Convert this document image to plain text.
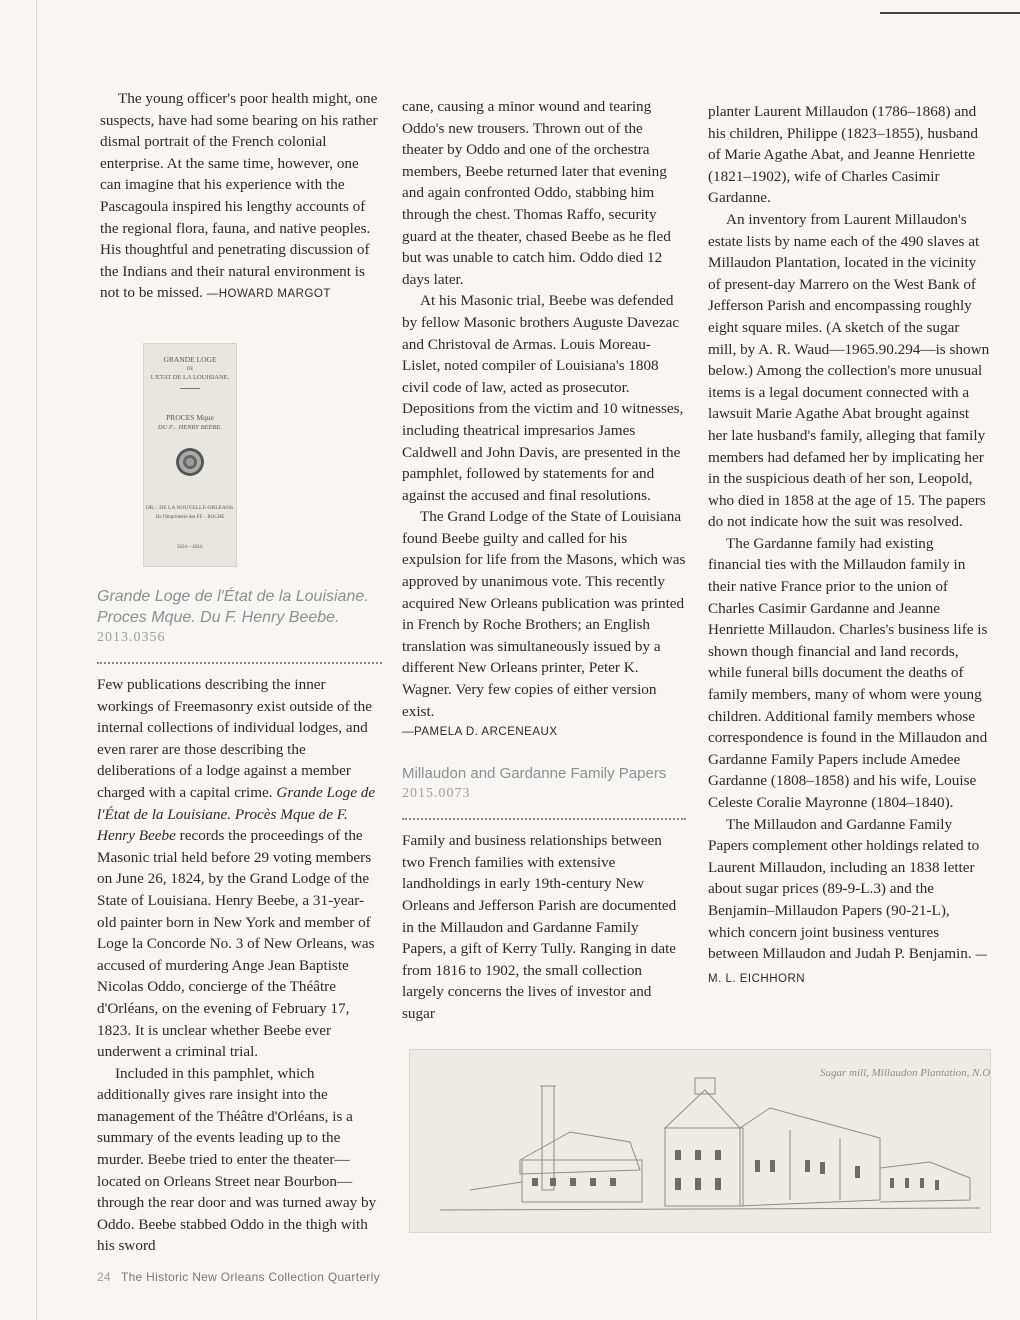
The young officer's poor health might, one suspects, have had some bearing on his rather dismal portrait of the French colonial enterprise. At the same time, however, one can imagine that his experience with the Pascagoula inspired his lengthy accounts of the regional flora, fauna, and native peoples. His thoughtful and penetrating discussion of the Indians and their natural environment is not to be missed. —HOWARD MARGOT

GRANDE LOGE
DE
L'ETAT DE LA LOUISIANE.
PROCES Mque
DU F.·. HENRY BEEBE.
OR.·. DE LA NOUVELLE-ORLEANS.
De l'Imprimerie des FF.·. ROCHE
5824—1824.
Grande Loge de l'État de la Louisiane. Proces Mque. Du F. Henry Beebe.
2013.0356

Few publications describing the inner workings of Freemasonry exist outside of the internal collections of individual lodges, and even rarer are those describing the deliberations of a lodge against a member charged with a capital crime. Grande Loge de l'État de la Louisiane. Procès Mque de F. Henry Beebe records the proceedings of the Masonic trial held before 29 voting members on June 26, 1824, by the Grand Lodge of the State of Louisiana. Henry Beebe, a 31-year-old painter born in New York and member of Loge la Concorde No. 3 of New Orleans, was accused of murdering Ange Jean Baptiste Nicolas Oddo, concierge of the Théâtre d'Orléans, on the evening of February 17, 1823. It is unclear whether Beebe ever underwent a criminal trial.

Included in this pamphlet, which additionally gives rare insight into the management of the Théâtre d'Orléans, is a summary of the events leading up to the murder. Beebe tried to enter the theater—located on Orleans Street near Bourbon—through the rear door and was turned away by Oddo. Beebe stabbed Oddo in the thigh with his sword

cane, causing a minor wound and tearing Oddo's new trousers. Thrown out of the theater by Oddo and one of the orchestra members, Beebe returned later that evening and again confronted Oddo, stabbing him through the chest. Thomas Raffo, security guard at the theater, chased Beebe as he fled but was unable to catch him. Oddo died 12 days later.

At his Masonic trial, Beebe was defended by fellow Masonic brothers Auguste Davezac and Christoval de Armas. Louis Moreau-Lislet, noted compiler of Louisiana's 1808 civil code of law, acted as prosecutor. Depositions from the victim and 10 witnesses, including theatrical impresarios James Caldwell and John Davis, are presented in the pamphlet, followed by statements for and against the accused and final resolutions.

The Grand Lodge of the State of Louisiana found Beebe guilty and called for his expulsion for life from the Masons, which was approved by unanimous vote. This recently acquired New Orleans publication was printed in French by Roche Brothers; an English translation was simultaneously issued by a different New Orleans printer, Peter K. Wagner. Very few copies of either version exist.

—PAMELA D. ARCENEAUX
Millaudon and Gardanne Family Papers
2015.0073

Family and business relationships between two French families with extensive landholdings in early 19th-century New Orleans and Jefferson Parish are documented in the Millaudon and Gardanne Family Papers, a gift of Kerry Tully. Ranging in date from 1816 to 1902, the small collection largely concerns the lives of investor and sugar

planter Laurent Millaudon (1786–1868) and his children, Philippe (1823–1855), husband of Marie Agathe Abat, and Jeanne Henriette (1821–1902), wife of Charles Casimir Gardanne.

An inventory from Laurent Millaudon's estate lists by name each of the 490 slaves at Millaudon Plantation, located in the vicinity of present-day Marrero on the West Bank of Jefferson Parish and encompassing roughly eight square miles. (A sketch of the sugar mill, by A. R. Waud—1965.90.294—is shown below.) Among the collection's more unusual items is a legal document connected with a lawsuit Marie Agathe Abat brought against her late husband's family, alleging that family members had defamed her by implicating her in the suspicious death of her son, Leopold, who died in 1858 at the age of 15. The papers do not indicate how the suit was resolved.

The Gardanne family had existing financial ties with the Millaudon family in their native France prior to the union of Charles Casimir Gardanne and Jeanne Henriette Millaudon. Charles's business life is shown though financial and land records, while funeral bills document the deaths of family members, many of whom were young children. Additional family members whose correspondence is found in the Millaudon and Gardanne Family Papers include Amedee Gardanne (1808–1858) and his wife, Louise Celeste Coralie Mayronne (1804–1840).

The Millaudon and Gardanne Family Papers complement other holdings related to Laurent Millaudon, including an 1838 letter about sugar prices (89-9-L.3) and the Benjamin–Millaudon Papers (90-21-L), which concern joint business ventures between Millaudon and Judah P. Benjamin. —M. L. EICHHORN

Sugar mill, Millaudon Plantation, N.O.
24 The Historic New Orleans Collection Quarterly
